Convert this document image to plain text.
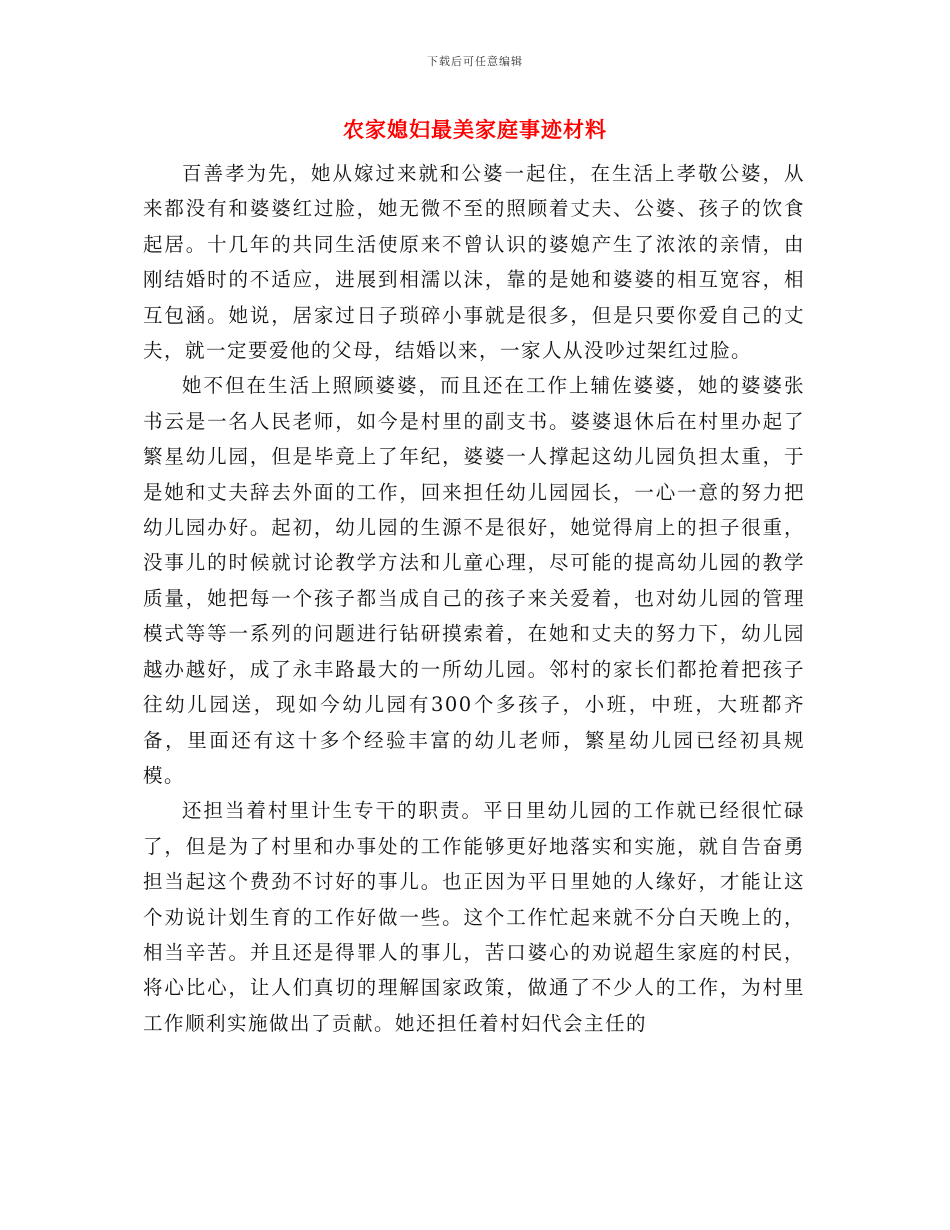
下载后可任意编辑
农家媳妇最美家庭事迹材料

百善孝为先，她从嫁过来就和公婆一起住，在生活上孝敬公婆，从来都没有和婆婆红过脸，她无微不至的照顾着丈夫、公婆、孩子的饮食起居。十几年的共同生活使原来不曾认识的婆媳产生了浓浓的亲情，由刚结婚时的不适应，进展到相濡以沫，靠的是她和婆婆的相互宽容，相互包涵。她说，居家过日子琐碎小事就是很多，但是只要你爱自己的丈夫，就一定要爱他的父母，结婚以来，一家人从没吵过架红过脸。

她不但在生活上照顾婆婆，而且还在工作上辅佐婆婆，她的婆婆张书云是一名人民老师，如今是村里的副支书。婆婆退休后在村里办起了繁星幼儿园，但是毕竟上了年纪，婆婆一人撑起这幼儿园负担太重，于是她和丈夫辞去外面的工作，回来担任幼儿园园长，一心一意的努力把幼儿园办好。起初，幼儿园的生源不是很好，她觉得肩上的担子很重，没事儿的时候就讨论教学方法和儿童心理，尽可能的提高幼儿园的教学质量，她把每一个孩子都当成自己的孩子来关爱着，也对幼儿园的管理模式等等一系列的问题进行钻研摸索着，在她和丈夫的努力下，幼儿园越办越好，成了永丰路最大的一所幼儿园。邻村的家长们都抢着把孩子往幼儿园送，现如今幼儿园有300个多孩子，小班，中班，大班都齐备，里面还有这十多个经验丰富的幼儿老师，繁星幼儿园已经初具规模。

还担当着村里计生专干的职责。平日里幼儿园的工作就已经很忙碌了，但是为了村里和办事处的工作能够更好地落实和实施，就自告奋勇担当起这个费劲不讨好的事儿。也正因为平日里她的人缘好，才能让这个劝说计划生育的工作好做一些。这个工作忙起来就不分白天晚上的，相当辛苦。并且还是得罪人的事儿，苦口婆心的劝说超生家庭的村民，将心比心，让人们真切的理解国家政策，做通了不少人的工作，为村里工作顺利实施做出了贡献。她还担任着村妇代会主任的
